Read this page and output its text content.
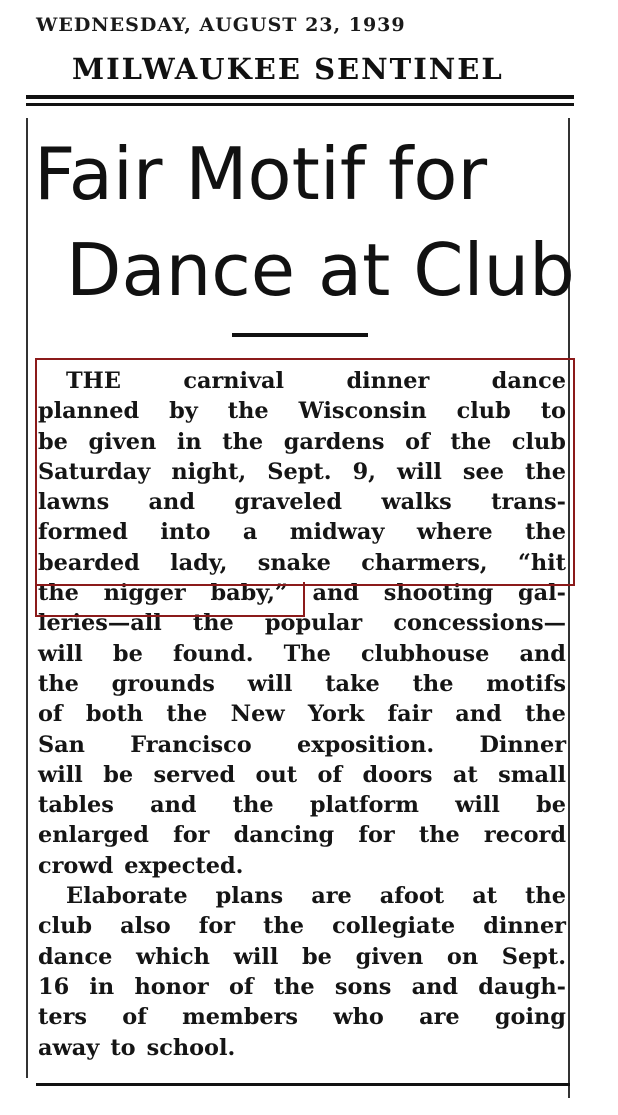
WEDNESDAY, AUGUST 23, 1939
MILWAUKEE SENTINEL
Fair Motif for
Dance at Club
THE	carnival	dinner	dance
planned by the Wisconsin club to
be given in the gardens of the club
Saturday night, Sept. 9, will see the
lawns and graveled walks trans-
formed into a midway where the
bearded lady, snake charmers, “hit
the nigger baby,” and shooting gal-
leries—all the popular concessions—
will be found. The clubhouse and
the grounds will take the motifs
of both the New York fair and the
San Francisco exposition. Dinner
will be served out of doors at small
tables and the platform will be
enlarged for dancing for the record
crowd expected.
Elaborate plans are afoot at the
club also for the collegiate dinner
dance which will be given on Sept.
16 in honor of the sons and daugh-
ters of members who are going
away to school.
